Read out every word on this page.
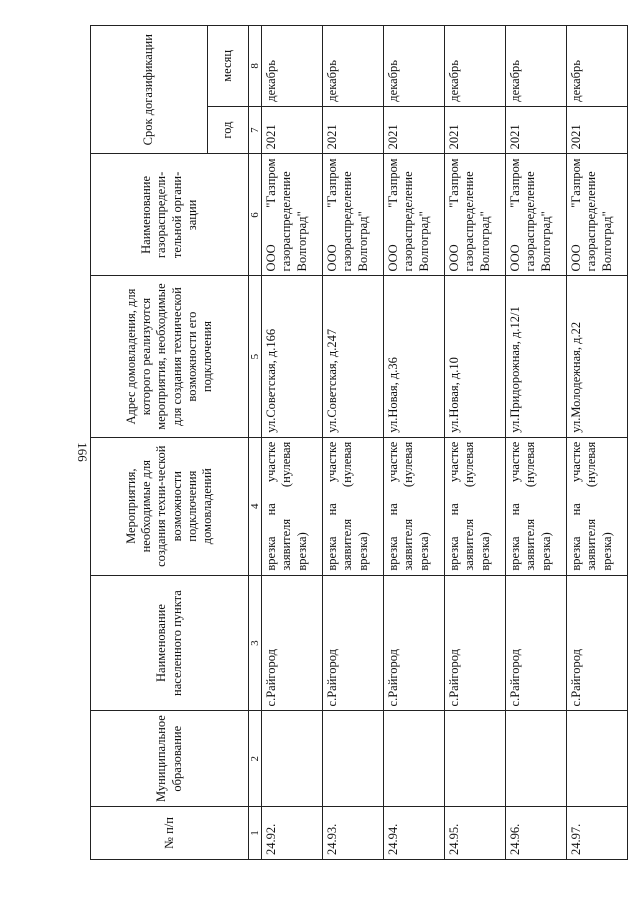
166
№ п/п	Муниципальное образование	Наименование населенного пункта	Мероприятия, необходимые для создания техни-ческой возможности подключения домовладений	Адрес домовладения, для которого реализуются мероприятия, необходимые для создания технической возможности его подключения	Наименование газораспредели-тельной органи-зации	Срок догазификации	
						год	месяц
1	2	3	4	5	6	7	8
24.92.		с.Райгород	врезка на участке заявителя (нулевая врезка)	ул.Советская, д.166	ООО "Газпром газораспределение Волгоград"	2021	декабрь
24.93.		с.Райгород	врезка на участке заявителя (нулевая врезка)	ул.Советская, д.247	ООО "Газпром газораспределение Волгоград"	2021	декабрь
24.94.		с.Райгород	врезка на участке заявителя (нулевая врезка)	ул.Новая, д.36	ООО "Газпром газораспределение Волгоград"	2021	декабрь
24.95.		с.Райгород	врезка на участке заявителя (нулевая врезка)	ул.Новая, д.10	ООО "Газпром газораспределение Волгоград"	2021	декабрь
24.96.		с.Райгород	врезка на участке заявителя (нулевая врезка)	ул.Придорожная, д.12/1	ООО "Газпром газораспределение Волгоград"	2021	декабрь
24.97.		с.Райгород	врезка на участке заявителя (нулевая врезка)	ул.Молодежная, д.22	ООО "Газпром газораспределение Волгоград"	2021	декабрь
